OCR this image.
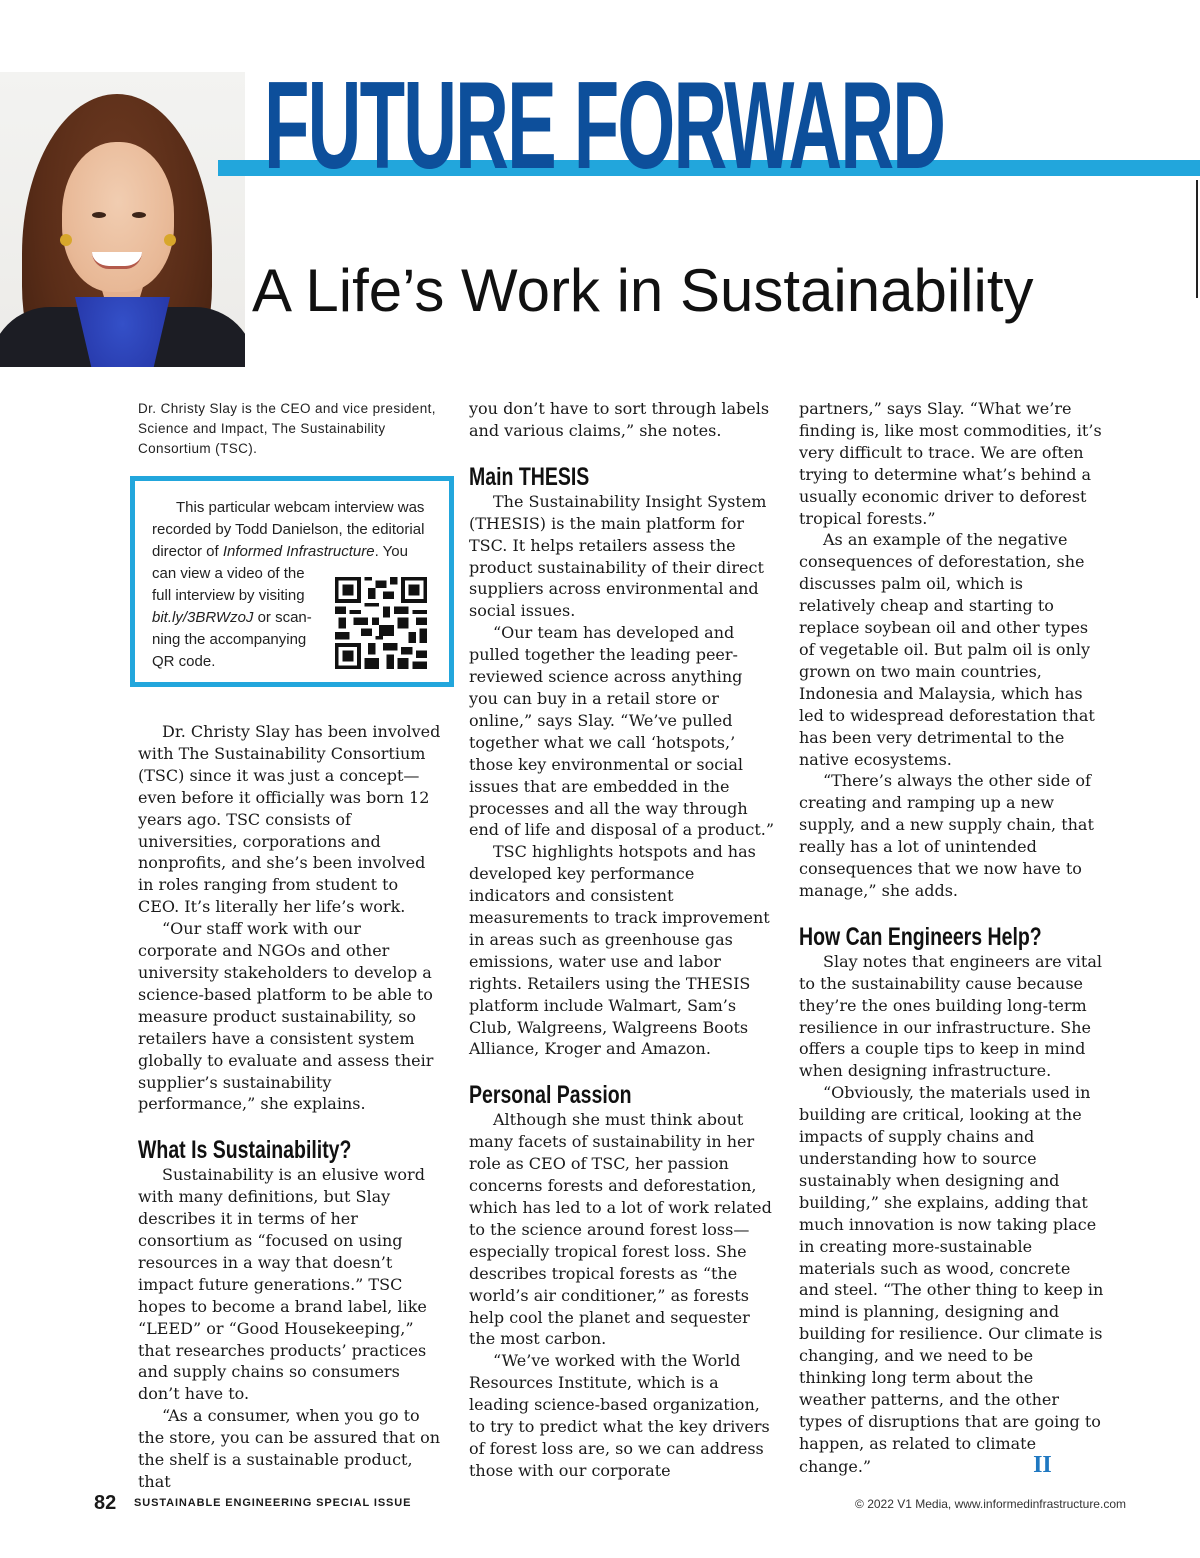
FUTURE FORWARD
A Life’s Work in Sustainability
Dr. Christy Slay is the CEO and vice president, Science and Impact, The Sustainability Consortium (TSC).

This particular webcam interview was

recorded by Todd Danielson, the editorial

director of Informed Infrastructure. You

can view a video of the

full interview by visiting

bit.ly/3BRWzoJ or scan-

ning the accompanying

QR code.

Dr. Christy Slay has been involved with The Sustainability Consortium (TSC) since it was just a concept—even before it officially was born 12 years ago. TSC consists of universities, corporations and nonprofits, and she’s been involved in roles ranging from student to CEO. It’s literally her life’s work.

“Our staff work with our corporate and NGOs and other university stakeholders to develop a science-based platform to be able to measure product sustainability, so retailers have a consistent system globally to evaluate and assess their supplier’s sustainability performance,” she explains.

What Is Sustainability?

Sustainability is an elusive word with many definitions, but Slay describes it in terms of her consortium as “focused on using resources in a way that doesn’t impact future generations.” TSC hopes to become a brand label, like “LEED” or “Good Housekeeping,” that researches products’ practices and supply chains so consumers don’t have to.

“As a consumer, when you go to the store, you can be assured that on the shelf is a sustainable product, that

you don’t have to sort through labels and various claims,” she notes.

Main THESIS

The Sustainability Insight System (THESIS) is the main platform for TSC. It helps retailers assess the product sustainability of their direct suppliers across environmental and social issues.

“Our team has developed and pulled together the leading peer-reviewed science across anything you can buy in a retail store or online,” says Slay. “We’ve pulled together what we call ‘hotspots,’ those key environmental or social issues that are embedded in the processes and all the way through end of life and disposal of a product.”

TSC highlights hotspots and has developed key performance indicators and consistent measurements to track improvement in areas such as greenhouse gas emissions, water use and labor rights. Retailers using the THESIS platform include Walmart, Sam’s Club, Walgreens, Walgreens Boots Alliance, Kroger and Amazon.

Personal Passion

Although she must think about many facets of sustainability in her role as CEO of TSC, her passion concerns forests and deforestation, which has led to a lot of work related to the science around forest loss—especially tropical forest loss. She describes tropical forests as “the world’s air conditioner,” as forests help cool the planet and sequester the most carbon.

“We’ve worked with the World Resources Institute, which is a leading science-based organization, to try to predict what the key drivers of forest loss are, so we can address those with our corporate

partners,” says Slay. “What we’re finding is, like most commodities, it’s very difficult to trace. We are often trying to determine what’s behind a usually economic driver to deforest tropical forests.”

As an example of the negative consequences of deforestation, she discusses palm oil, which is relatively cheap and starting to replace soybean oil and other types of vegetable oil. But palm oil is only grown on two main countries, Indonesia and Malaysia, which has led to widespread deforestation that has been very detrimental to the native ecosystems.

“There’s always the other side of creating and ramping up a new supply, and a new supply chain, that really has a lot of unintended consequences that we now have to manage,” she adds.

How Can Engineers Help?

Slay notes that engineers are vital to the sustainability cause because they’re the ones building long-term resilience in our infrastructure. She offers a couple tips to keep in mind when designing infrastructure.

“Obviously, the materials used in building are critical, looking at the impacts of supply chains and understanding how to source sustainably when designing and building,” she explains, adding that much innovation is now taking place in creating more-sustainable materials such as wood, concrete and steel. “The other thing to keep in mind is planning, designing and building for resilience. Our climate is changing, and we need to be thinking long term about the weather patterns, and the other types of disruptions that are going to happen, as related to climate change.”	II

82 SUSTAINABLE ENGINEERING SPECIAL ISSUE	© 2022 V1 Media, www.informedinfrastructure.com
